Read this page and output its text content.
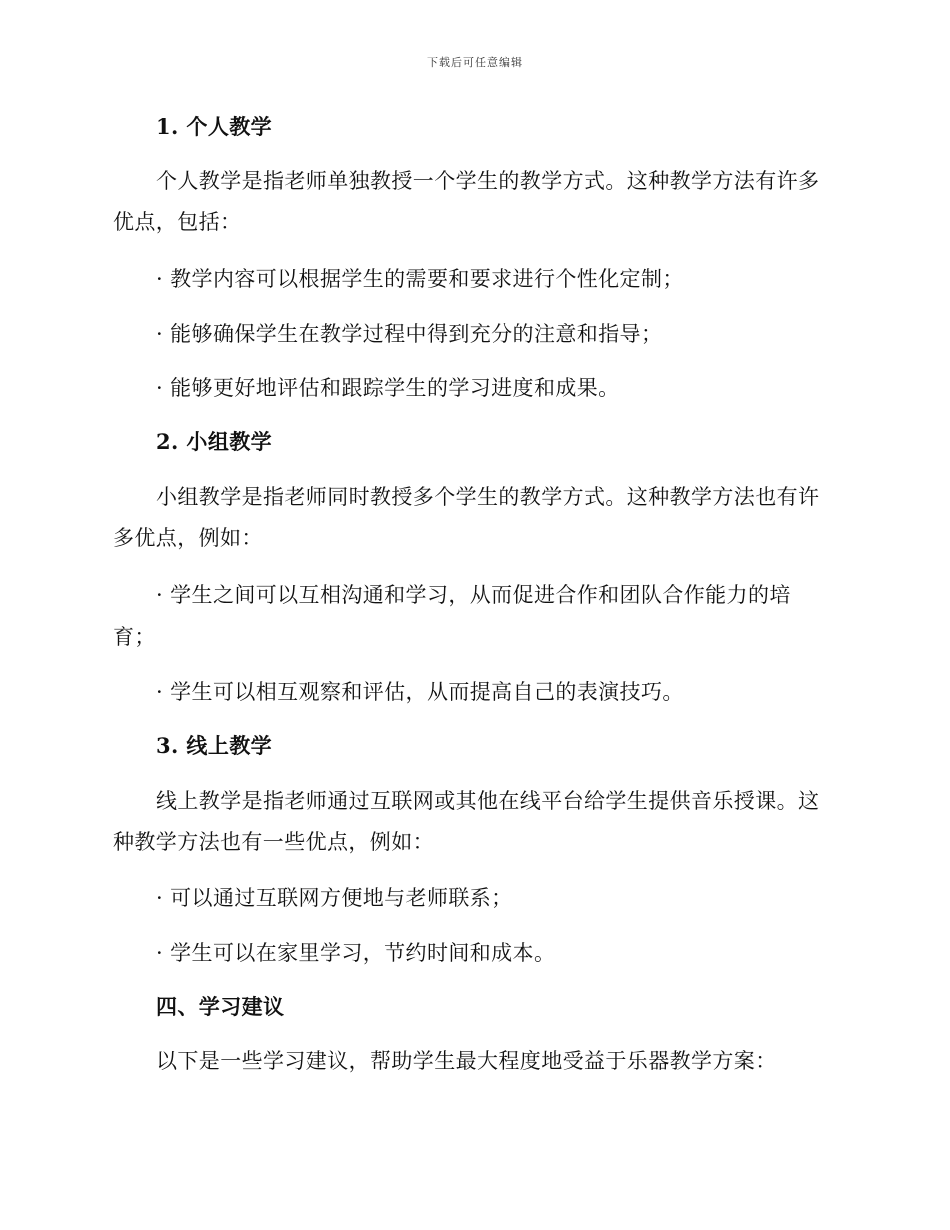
下载后可任意编辑
1. 个人教学
个人教学是指老师单独教授一个学生的教学方式。这种教学方法有许多
优点，包括：
· 教学内容可以根据学生的需要和要求进行个性化定制；
· 能够确保学生在教学过程中得到充分的注意和指导；
· 能够更好地评估和跟踪学生的学习进度和成果。
2. 小组教学
小组教学是指老师同时教授多个学生的教学方式。这种教学方法也有许
多优点，例如：
· 学生之间可以互相沟通和学习，从而促进合作和团队合作能力的培
育；
· 学生可以相互观察和评估，从而提高自己的表演技巧。
3. 线上教学
线上教学是指老师通过互联网或其他在线平台给学生提供音乐授课。这
种教学方法也有一些优点，例如：
· 可以通过互联网方便地与老师联系；
· 学生可以在家里学习，节约时间和成本。
四、学习建议
以下是一些学习建议，帮助学生最大程度地受益于乐器教学方案：
